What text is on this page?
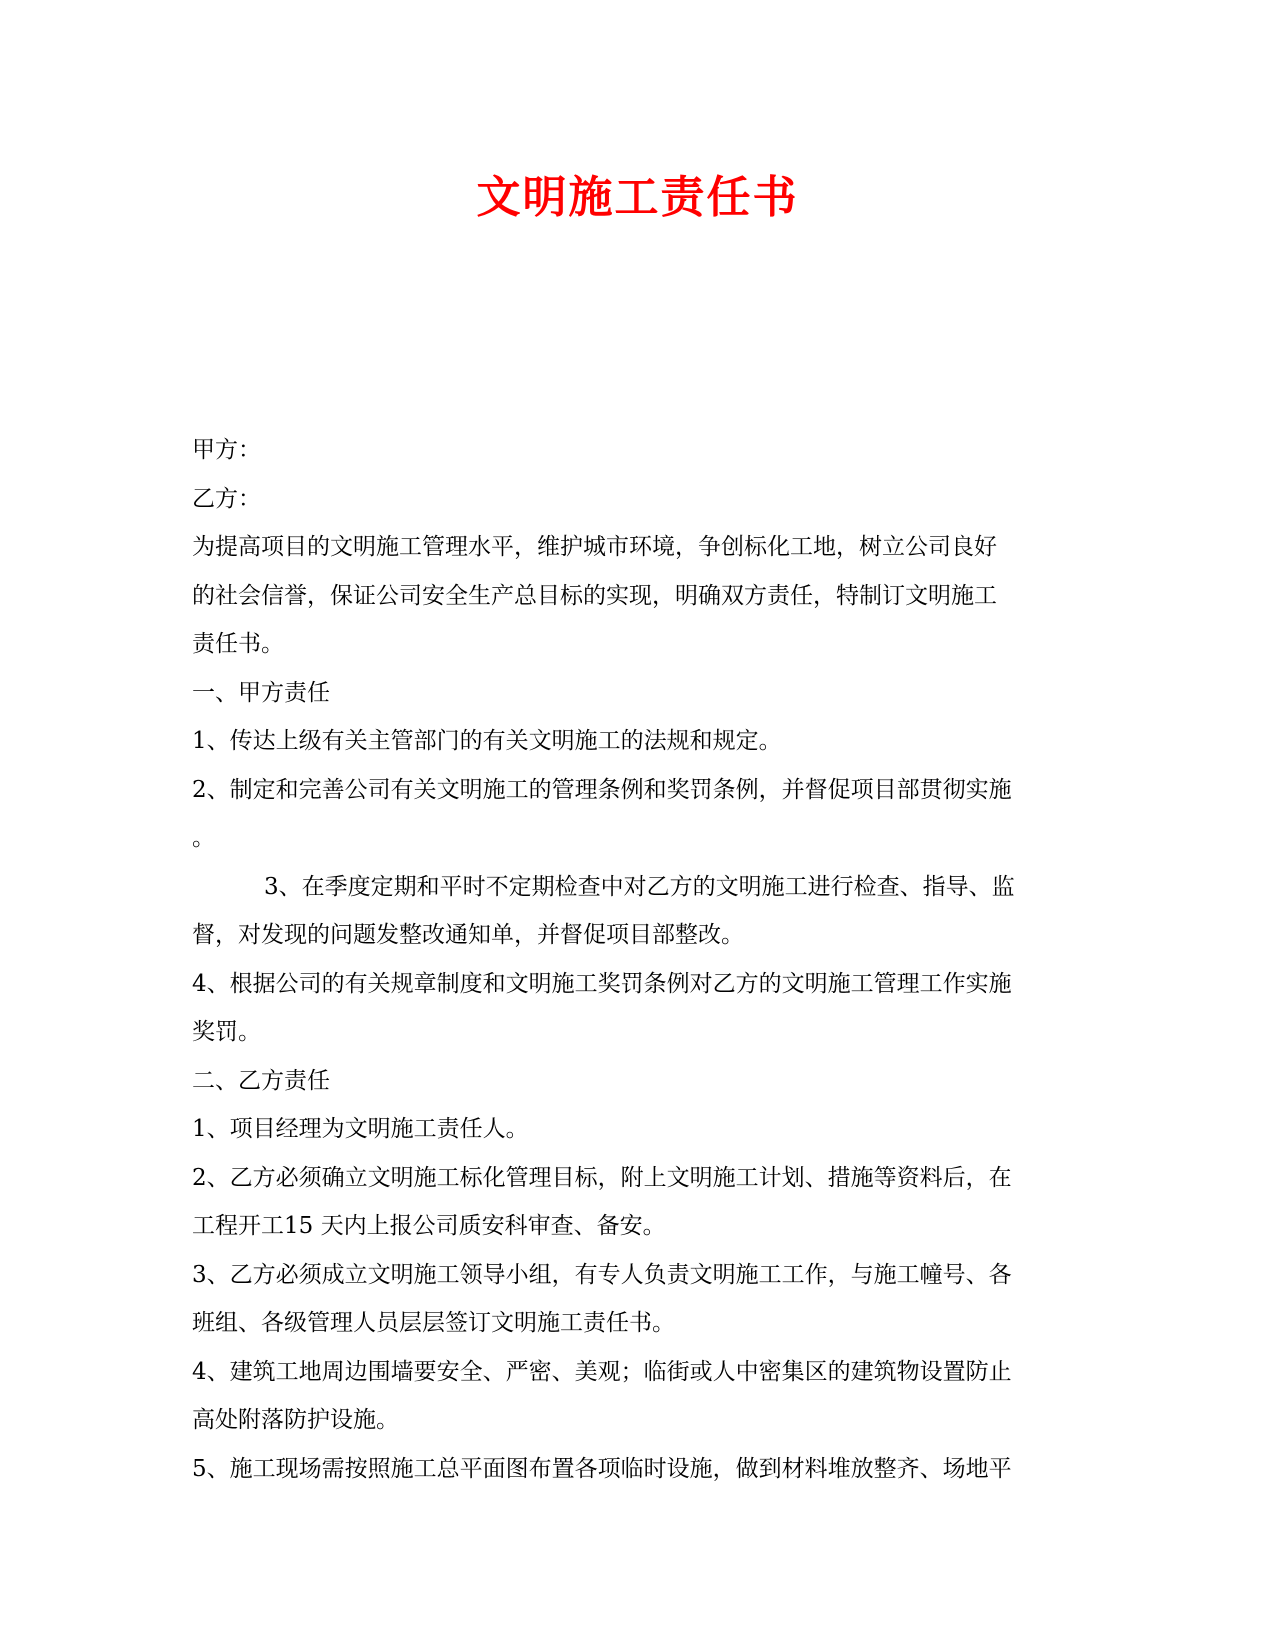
文明施工责任书
甲方：
乙方：
为提高项目的文明施工管理水平，维护城市环境，争创标化工地，树立公司良好
的社会信誉，保证公司安全生产总目标的实现，明确双方责任，特制订文明施工
责任书。
一、甲方责任
1、传达上级有关主管部门的有关文明施工的法规和规定。
2、制定和完善公司有关文明施工的管理条例和奖罚条例，并督促项目部贯彻实施
。
3、在季度定期和平时不定期检查中对乙方的文明施工进行检查、指导、监
督，对发现的问题发整改通知单，并督促项目部整改。
4、根据公司的有关规章制度和文明施工奖罚条例对乙方的文明施工管理工作实施
奖罚。
二、乙方责任
1、项目经理为文明施工责任人。
2、乙方必须确立文明施工标化管理目标，附上文明施工计划、措施等资料后，在
工程开工15 天内上报公司质安科审查、备安。
3、乙方必须成立文明施工领导小组，有专人负责文明施工工作，与施工幢号、各
班组、各级管理人员层层签订文明施工责任书。
4、建筑工地周边围墙要安全、严密、美观；临街或人中密集区的建筑物设置防止
高处附落防护设施。
5、施工现场需按照施工总平面图布置各项临时设施，做到材料堆放整齐、场地平
